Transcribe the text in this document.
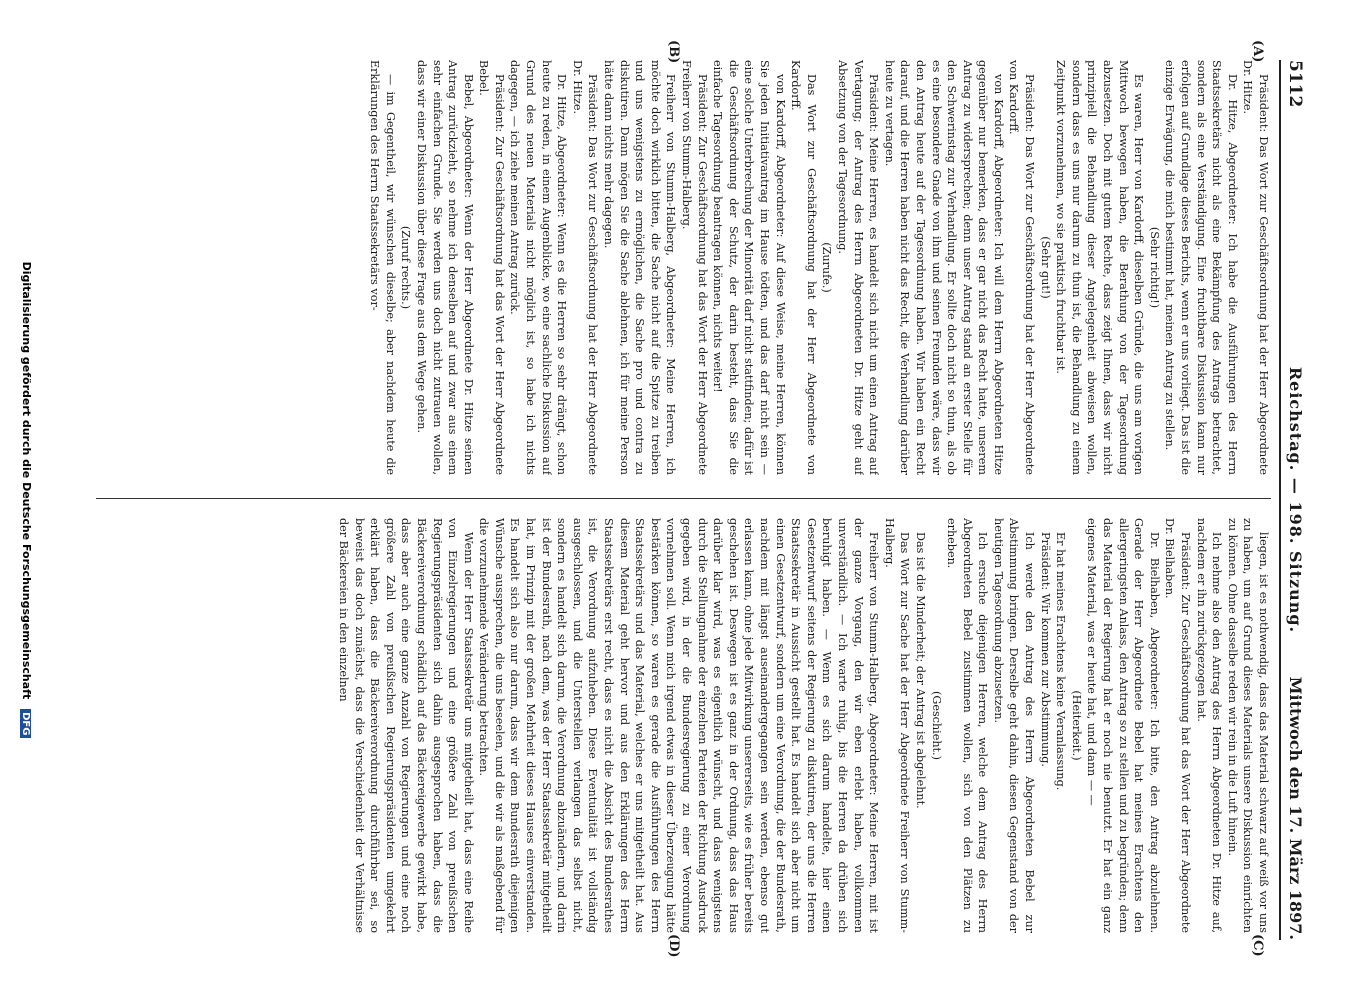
5112
Reichstag. — 198. Sitzung.
Mittwoch den 17. März 1897.
(A)
(B)
(C)
(D)

Präsident: Das Wort zur Geschäftsordnung hat der Herr Abgeordnete Dr. Hitze.

Dr. Hitze, Abgeordneter: Ich habe die Ausführungen des Herrn Staatssekretärs nicht als eine Bekämpfung des Antrags betrachtet, sondern als eine Verständigung. Eine fruchtbare Diskussion kann nur erfolgen auf Grundlage dieses Berichts, wenn er uns vorliegt. Das ist die einzige Erwägung, die mich bestimmt hat, meinen Antrag zu stellen.

(Sehr richtig!)

Es waren, Herr von Kardorff, dieselben Gründe, die uns am vorigen Mittwoch bewogen haben, die Berathung von der Tagesordnung abzusetzen. Doch mit gutem Rechte, dass zeigt Ihnen, dass wir nicht prinzipiell die Behandlung dieser Angelegenheit abweisen wollen, sondern dass es uns nur darum zu thun ist, die Behandlung zu einem Zeitpunkt vorzunehmen, wo sie praktisch fruchtbar ist.

(Sehr gut!)

Präsident: Das Wort zur Geschäftsordnung hat der Herr Abgeordnete von Kardorff.

von Kardorff, Abgeordneter: Ich will dem Herrn Abgeordneten Hitze gegenüber nur bemerken, dass er gar nicht das Recht hatte, unserem Antrag zu widersprechen; denn unser Antrag stand an erster Stelle für den Schwerinstag zur Verhandlung. Er sollte doch nicht so thun, als ob es eine besondere Gnade von ihm und seinen Freunden wäre, dass wir den Antrag heute auf der Tagesordnung haben. Wir haben ein Recht darauf, und die Herren haben nicht das Recht, die Verhandlung darüber heute zu vertagen.

Präsident: Meine Herren, es handelt sich nicht um einen Antrag auf Vertagung; der Antrag des Herrn Abgeordneten Dr. Hitze geht auf Absetzung von der Tagesordnung.

(Zurufe.)

Das Wort zur Geschäftsordnung hat der Herr Abgeordnete von Kardorff.

von Kardorff, Abgeordneter: Auf diese Weise, meine Herren, können Sie jeden Initiativantrag im Hause tödten, und das darf nicht sein — eine solche Unterbrechung der Minorität darf nicht stattfinden; dafür ist die Geschäftsordnung der Schutz, der darin besteht, dass Sie die einfache Tagesordnung beantragen können, nichts weiter!

Präsident: Zur Geschäftsordnung hat das Wort der Herr Abgeordnete Freiherr von Stumm-Halberg.

Freiherr von Stumm-Halberg, Abgeordneter: Meine Herren, ich möchte doch wirklich bitten, die Sache nicht auf die Spitze zu treiben und uns wenigstens zu ermöglichen, die Sache pro und contra zu diskutiren. Dann mögen Sie die Sache ablehnen, ich für meine Person hätte dann nichts mehr dagegen.

Präsident: Das Wort zur Geschäftsordnung hat der Herr Abgeordnete Dr. Hitze.

Dr. Hitze, Abgeordneter: Wenn es die Herren so sehr drängt, schon heute zu reden, in einem Augenblicke, wo eine sachliche Diskussion auf Grund des neuen Materials nicht möglich ist, so habe ich nichts dagegen, — ich ziehe meinen Antrag zurück.

Präsident: Zur Geschäftsordnung hat das Wort der Herr Abgeordnete Bebel.

Bebel, Abgeordneter: Wenn der Herr Abgeordnete Dr. Hitze seinen Antrag zurückzieht, so nehme ich denselben auf und zwar aus einem sehr einfachen Grunde. Sie werden uns doch nicht zutrauen wollen, dass wir einer Diskussion über diese Frage aus dem Wege gehen.

(Zuruf rechts.)

— im Gegentheil, wir wünschen dieselbe; aber nachdem heute die Erklärungen des Herrn Staatssekretärs vor-

liegen, ist es nothwendig, dass das Material schwarz auf weiß vor uns zu haben, um auf Grund dieses Materials unsere Diskussion einrichten zu können. Ohne dasselbe reden wir rein in die Luft hinein.

Ich nehme also den Antrag des Herrn Abgeordneten Dr. Hitze auf, nachdem er ihn zurückgezogen hat.

Präsident: Zur Geschäftsordnung hat das Wort der Herr Abgeordnete Dr. Bielhaben.

Dr. Bielhaben, Abgeordneter: Ich bitte, den Antrag abzulehnen. Gerade der Herr Abgeordnete Bebel hat meines Erachtens den allergeringsten Anlass, den Antrag so zu stellen und zu begründen; denn das Material der Regierung hat er noch nie benutzt. Er hat ein ganz eigenes Material, was er heute hat, und dann — —

(Heiterkeit.)

Er hat meines Erachtens keine Veranlassung.

Präsident: Wir kommen zur Abstimmung.

Ich werde den Antrag des Herrn Abgeordneten Bebel zur Abstimmung bringen. Derselbe geht dahin, diesen Gegenstand von der heutigen Tagesordnung abzusetzen.

Ich ersuche diejenigen Herren, welche dem Antrag des Herrn Abgeordneten Bebel zustimmen wollen, sich von den Plätzen zu erheben.

(Geschieht.)

Das ist die Minderheit; der Antrag ist abgelehnt.

Das Wort zur Sache hat der Herr Abgeordnete Freiherr von Stumm-Halberg.

Freiherr von Stumm-Halberg, Abgeordneter: Meine Herren, mit ist der ganze Vorgang, den wir eben erlebt haben, vollkommen unverständlich. — Ich warte ruhig, bis die Herren da drüben sich beruhigt haben. — Wenn es sich darum handelte, hier einen Gesetzentwurf seitens der Regierung zu diskutiren, der uns die Herren Staatssekretär in Aussicht gestellt hat. Es handelt sich aber nicht um einen Gesetzentwurf, sondern um eine Verordnung, die der Bundesrath, nachdem mit längst auseinandergegangen sein werden, ebenso gut erlassen kann, ohne jede Mitwirkung unsererseits, wie es früher bereits geschehen ist. Deswegen ist es ganz in der Ordnung, dass das Haus darüber klar wird, was es eigentlich wünscht, und dass wenigstens durch die Stellungnahme der einzelnen Parteien der Richtung Ausdruck gegeben wird, in der die Bundesregierung zu einer Verordnung vornehmen soll. Wenn mich irgend etwas in dieser Überzeugung hätte bestärken können, so waren es gerade die Ausführungen des Herrn Staatssekretärs und das Material, welches er uns mitgetheilt hat. Aus diesem Material geht hervor und aus den Erklärungen des Herrn Staatssekretärs erst recht, dass es nicht die Absicht des Bundesrathes ist, die Verordnung aufzuheben. Diese Eventualität ist vollständig ausgeschlossen, und die Unterstellen verlangen das selbst nicht, sondern es handelt sich darum, die Verordnung abzuändern, und darin ist der Bundesrath, nach dem, was der Herr Staatssekretär mitgetheilt hat, im Prinzip mit der großen Mehrheit dieses Hauses einverstanden. Es handelt sich also nur darum, dass wir dem Bundesrath diejenigen Wünsche aussprechen, die uns beseelen, und die wir als maßgebend für die vorzunehmende Veränderung betrachten.

Wenn der Herr Staatssekretär uns mitgetheilt hat, dass eine Reihe von Einzelregierungen und eine größere Zahl von preußischen Regierungspräsidenten sich dahin ausgesprochen haben, dass die Bäckereiverordnung schädlich auf das Bäckereigewerbe gewirkt habe, dass aber auch eine ganze Anzahl von Regierungen und eine noch größere Zahl von preußischen Regierungspräsidenten umgekehrt erklärt haben, dass die Bäckereiverordnung durchführbar sei, so beweist das doch zunächst, dass die Verschiedenheit der Verhältnisse der Bäckereien in den einzelnen

Digitalisierung gefördert durch die Deutsche Forschungsgemeinschaft DFG
